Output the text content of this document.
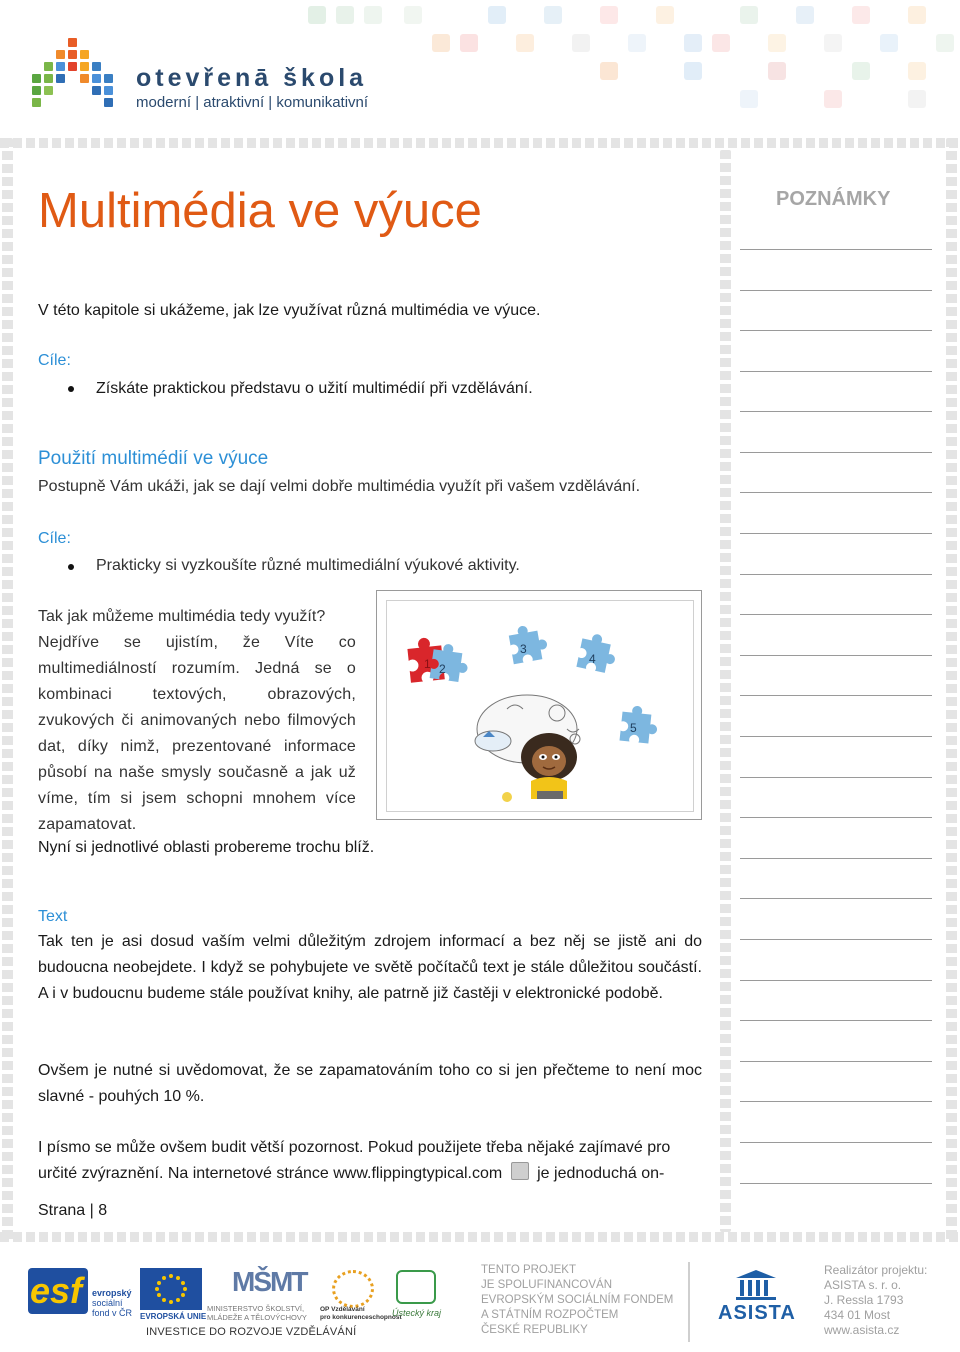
otevřenā škola
moderní | atraktivní | komunikativní
Multimédia ve výuce	POZNÁMKY
V této kapitole si ukážeme, jak lze využívat různá multimédia ve výuce.
Cíle:
Získáte praktickou představu o užití multimédií při vzdělávání.
Použití multimédií ve výuce
Postupně Vám ukáži, jak se dají velmi dobře multimédia využít při vašem vzdělávání.
Cíle:
Prakticky si vyzkoušíte různé multimediální výukové aktivity.
Tak jak můžeme multimédia tedy využít?
Nejdříve se ujistím, že Víte co multimediálností rozumím. Jedná se o kombinaci textových, obrazových, zvukových či animovaných nebo filmových dat, díky nimž, prezentované informace působí na naše smysly současně a jak už víme, tím si jsem schopni mnohem více zapamatovat.
Nyní si jednotlivé oblasti probereme trochu blíž.
1 2
3
4
5
Text
Tak ten je asi dosud vaším velmi důležitým zdrojem informací a bez něj se jistě ani do budoucna neobejdete. I když se pohybujete ve světě počítačů text je stále důležitou součástí. A i v budoucnu budeme stále používat knihy, ale patrně již častěji v elektronické podobě.
Ovšem je nutné si uvědomovat, že se zapamatováním toho co si jen přečteme to není moc slavné - pouhých 10 %.
I písmo se může ovšem budit větší pozornost. Pokud použijete třeba nějaké zajímavé pro určité zvýraznění. Na internetové stránce www.flippingtypical.com je jednoduchá on-
Strana | 8
esf evropský
sociální
fond v ČR EVROPSKÁ UNIE
MŠMT
MINISTERSTVO ŠKOLSTVÍ,
MLÁDEŽE A TĚLOVÝCHOVY
OP Vzdělávání
pro konkurenceschopnost
Ústecký kraj
INVESTICE DO ROZVOJE VZDĚLÁVÁNÍ
TENTO PROJEKT
JE SPOLUFINANCOVÁN
EVROPSKÝM SOCIÁLNÍM FONDEM
A STÁTNÍM ROZPOČTEM
ČESKÉ REPUBLIKY
ASISTA
Realizátor projektu:
ASISTA s. r. o.
J. Ressla 1793
434 01 Most
www.asista.cz
